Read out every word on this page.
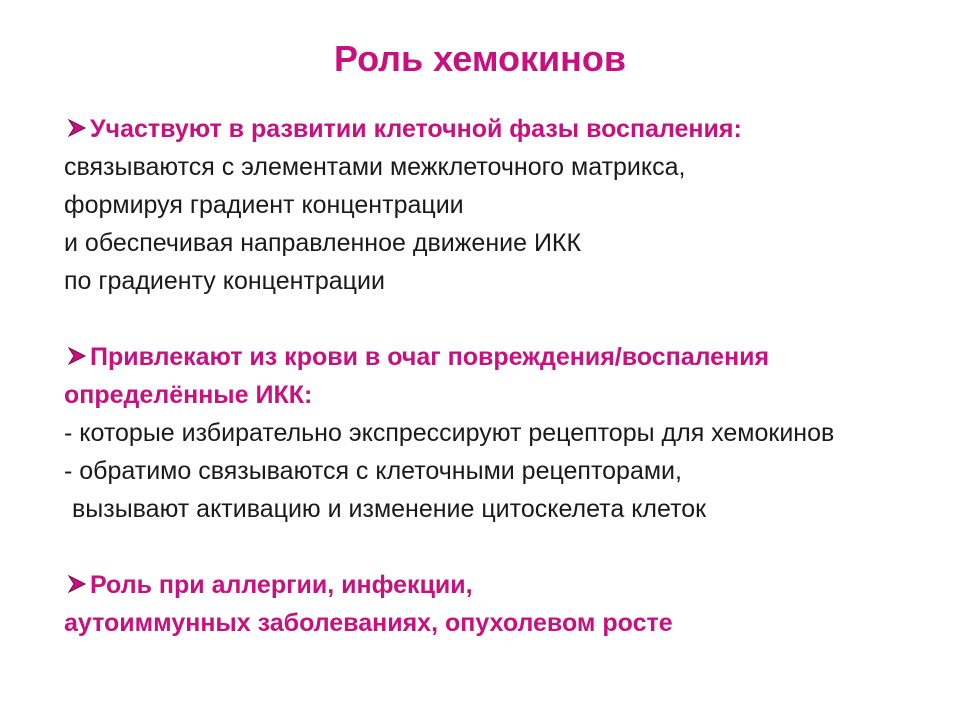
Роль хемокинов
Участвуют в развитии клеточной фазы воспаления:
связываются с элементами межклеточного матрикса,
формируя градиент концентрации
и обеспечивая направленное движение ИКК
по градиенту концентрации
Привлекают из крови в очаг повреждения/воспаления
определённые ИКК:
- которые избирательно экспрессируют рецепторы для хемокинов
- обратимо связываются с клеточными рецепторами,
вызывают активацию и изменение цитоскелета клеток
Роль при аллергии, инфекции,
аутоиммунных заболеваниях, опухолевом росте
